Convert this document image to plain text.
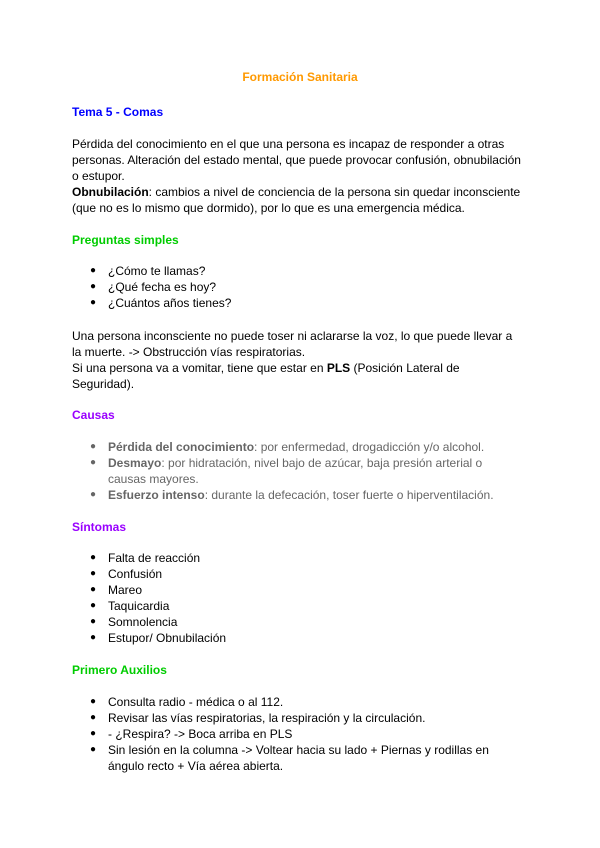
Formación Sanitaria
Tema 5 - Comas
Pérdida del conocimiento en el que una persona es incapaz de responder a otras
personas. Alteración del estado mental, que puede provocar confusión, obnubilación
o estupor.
Obnubilación: cambios a nivel de conciencia de la persona sin quedar inconsciente
(que no es lo mismo que dormido), por lo que es una emergencia médica.
Preguntas simples
● ¿Cómo te llamas?
● ¿Qué fecha es hoy?
● ¿Cuántos años tienes?
Una persona inconsciente no puede toser ni aclararse la voz, lo que puede llevar a
la muerte. -> Obstrucción vías respiratorias.
Si una persona va a vomitar, tiene que estar en PLS (Posición Lateral de
Seguridad).
Causas
● Pérdida del conocimiento: por enfermedad, drogadicción y/o alcohol.
● Desmayo: por hidratación, nivel bajo de azúcar, baja presión arterial o
causas mayores.
● Esfuerzo intenso: durante la defecación, toser fuerte o hiperventilación.
Síntomas
● Falta de reacción
● Confusión
● Mareo
● Taquicardia
● Somnolencia
● Estupor/ Obnubilación
Primero Auxilios
● Consulta radio - médica o al 112.
● Revisar las vías respiratorias, la respiración y la circulación.
● - ¿Respira? -> Boca arriba en PLS
● Sin lesión en la columna -> Voltear hacia su lado + Piernas y rodillas en
ángulo recto + Vía aérea abierta.
